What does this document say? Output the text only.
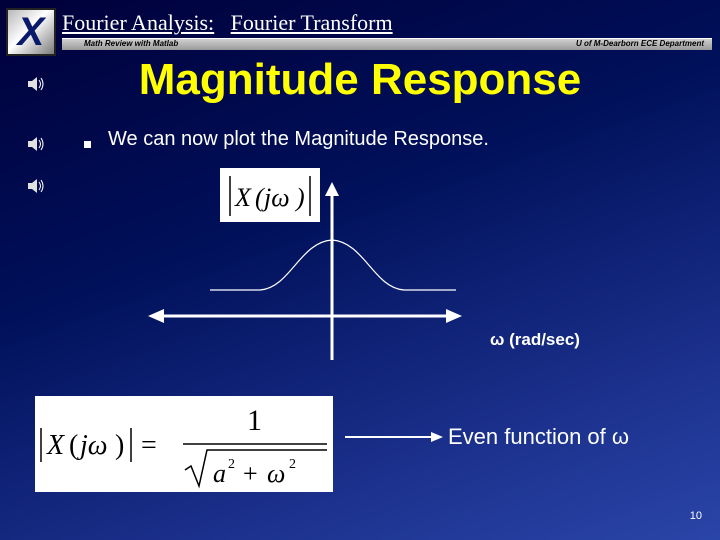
X Fourier Analysis: Fourier Transform
Math Review with Matlab	U of M-Dearborn ECE Department
Magnitude Response
We can now plot the Magnitude Response.
X ( jω )
ω (rad/sec)
X ( jω ) =
1
a 2 + ω 2
Even function of ω
10
